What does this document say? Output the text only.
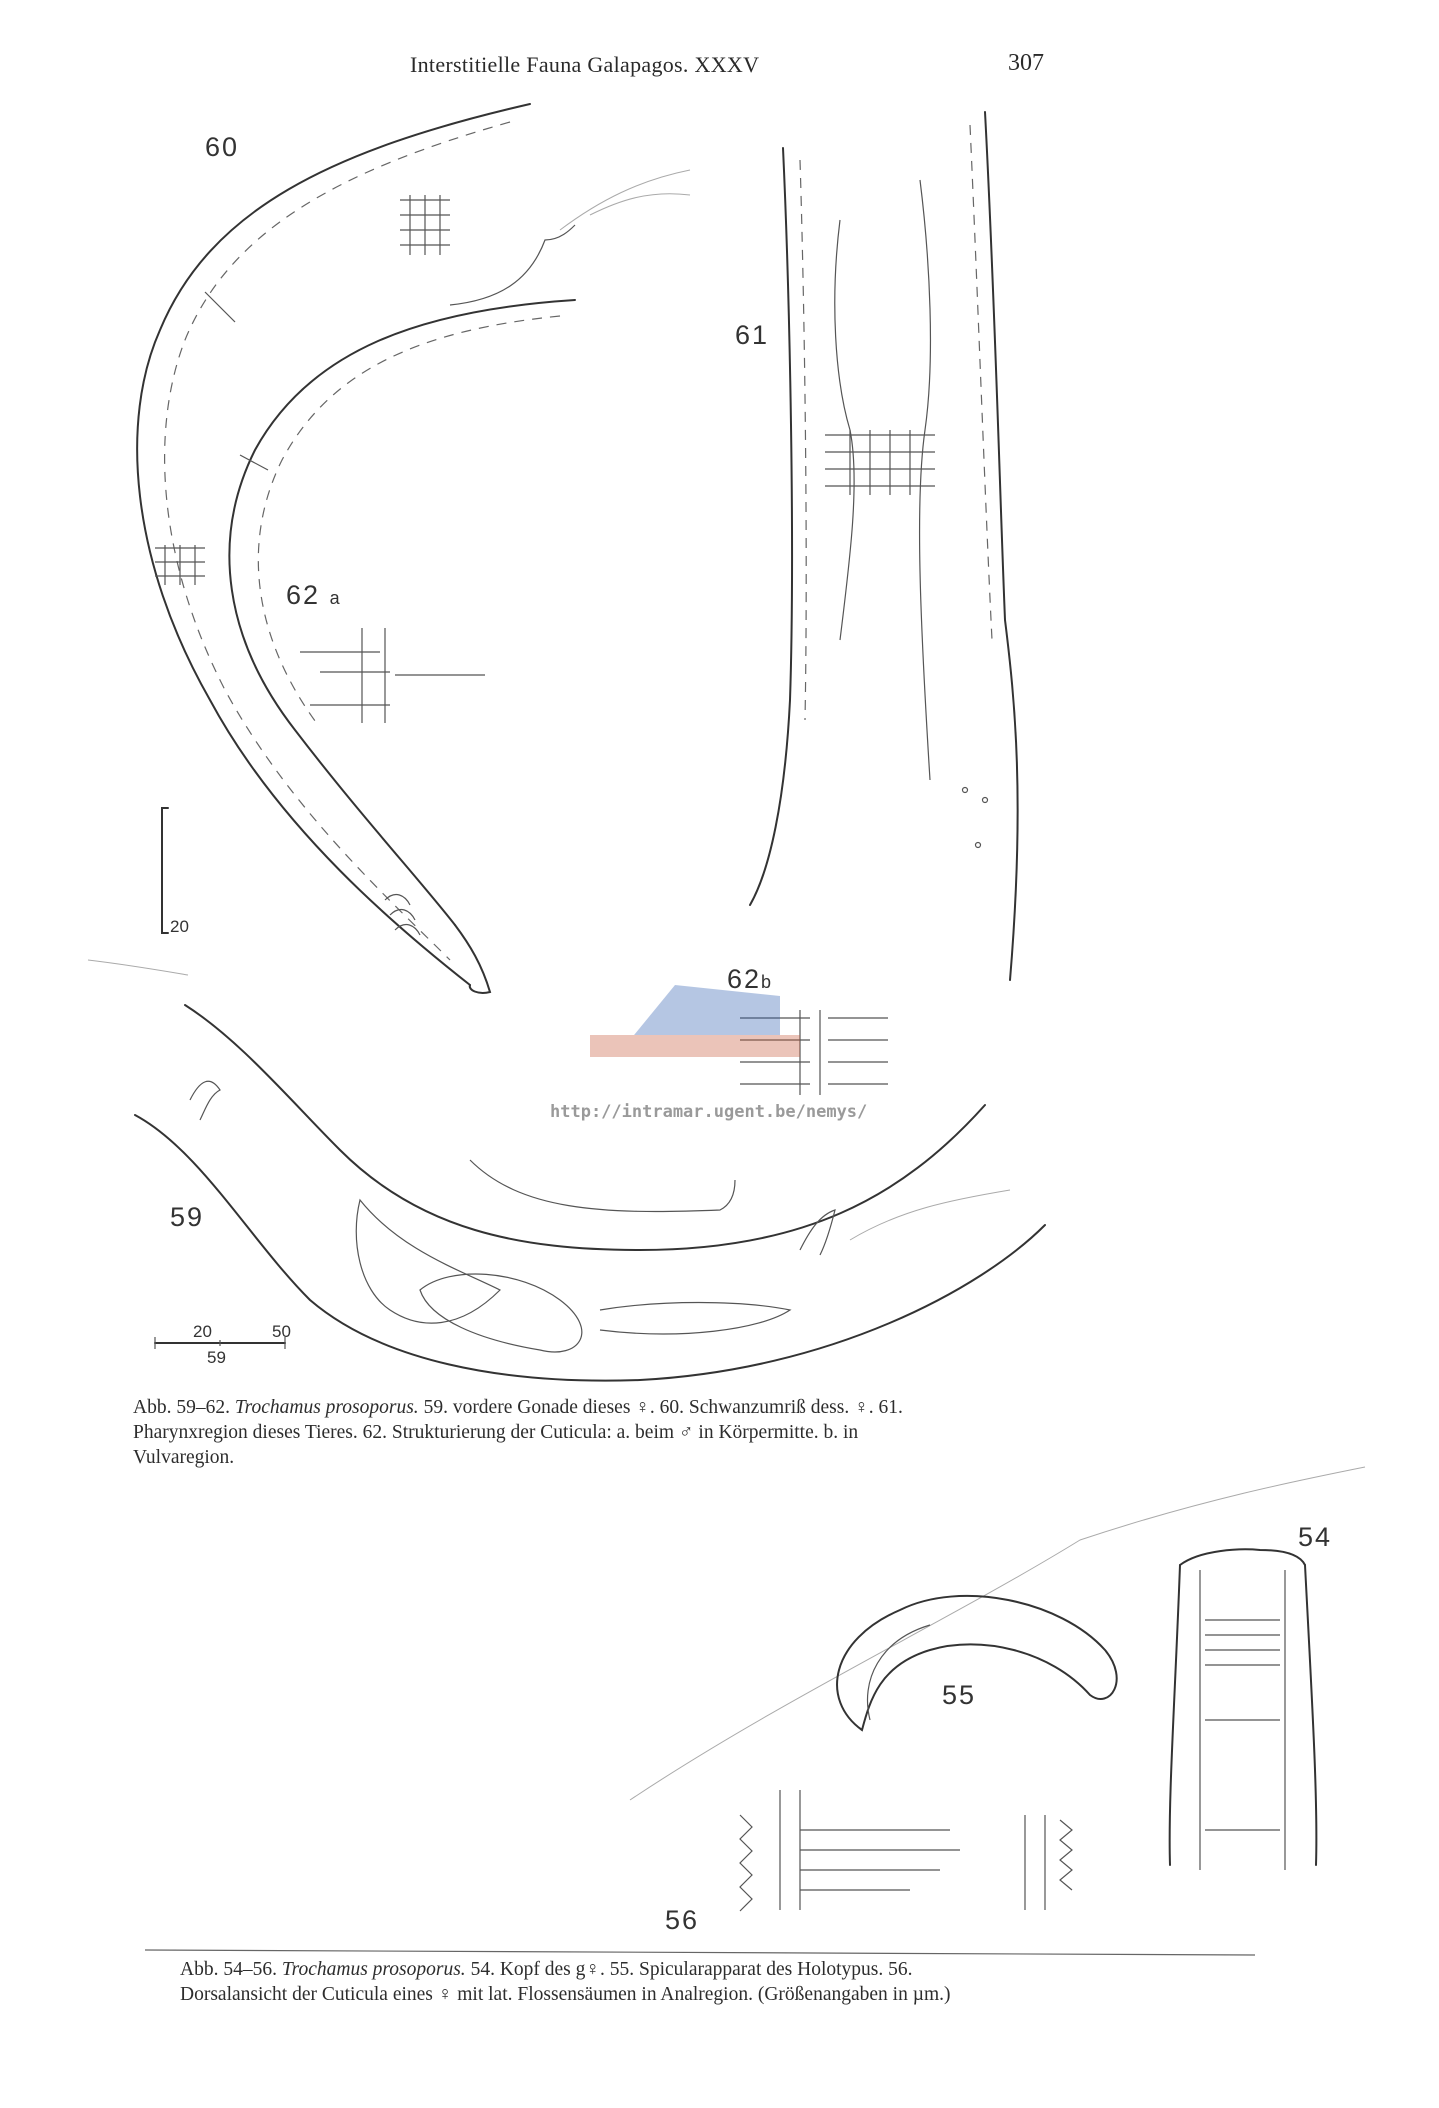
Interstitielle Fauna Galapagos. XXXV	307
60
61
62 a
62b
59
54
55
56
20
20	50
59
http://intramar.ugent.be/nemys/
Abb. 59–62. Trochamus prosoporus. 59. vordere Gonade dieses ♀. 60. Schwanzumriß dess. ♀. 61.
Pharynxregion dieses Tieres. 62. Strukturierung der Cuticula: a. beim ♂ in Körpermitte. b. in
Vulvaregion.
Abb. 54–56. Trochamus prosoporus. 54. Kopf des g♀. 55. Spicularapparat des Holotypus. 56.
Dorsalansicht der Cuticula eines ♀ mit lat. Flossensäumen in Analregion. (Größenangaben in µm.)
